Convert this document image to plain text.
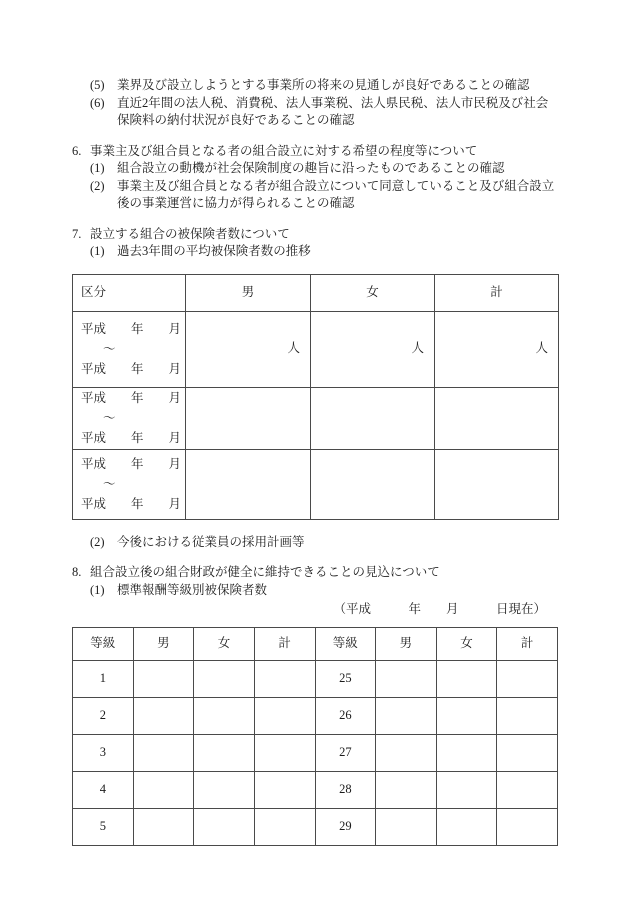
(5) 業界及び設立しようとする事業所の将来の見通しが良好であることの確認
(6) 直近2年間の法人税、消費税、法人事業税、法人県民税、法人市民税及び社会保険料の納付状況が良好であることの確認
6. 事業主及び組合員となる者の組合設立に対する希望の程度等について
(1) 組合設立の動機が社会保険制度の趣旨に沿ったものであることの確認
(2) 事業主及び組合員となる者が組合設立について同意していること及び組合設立後の事業運営に協力が得られることの確認
7. 設立する組合の被保険者数について
(1) 過去3年間の平均被保険者数の推移
区分	男	女	計

平成　　年　　月
～
平成　　年　　月	人	人	人

平成　　年　　月
～
平成　　年　　月			

平成　　年　　月
～
平成　　年　　月			

(2) 今後における従業員の採用計画等
8. 組合設立後の組合財政が健全に維持できることの見込について
(1) 標準報酬等級別被保険者数
（平成　　　年　　月　　　日現在）
等級	男	女	計	等級	男	女	計
1				25			
2				26			
3				27			
4				28			
5				29			
